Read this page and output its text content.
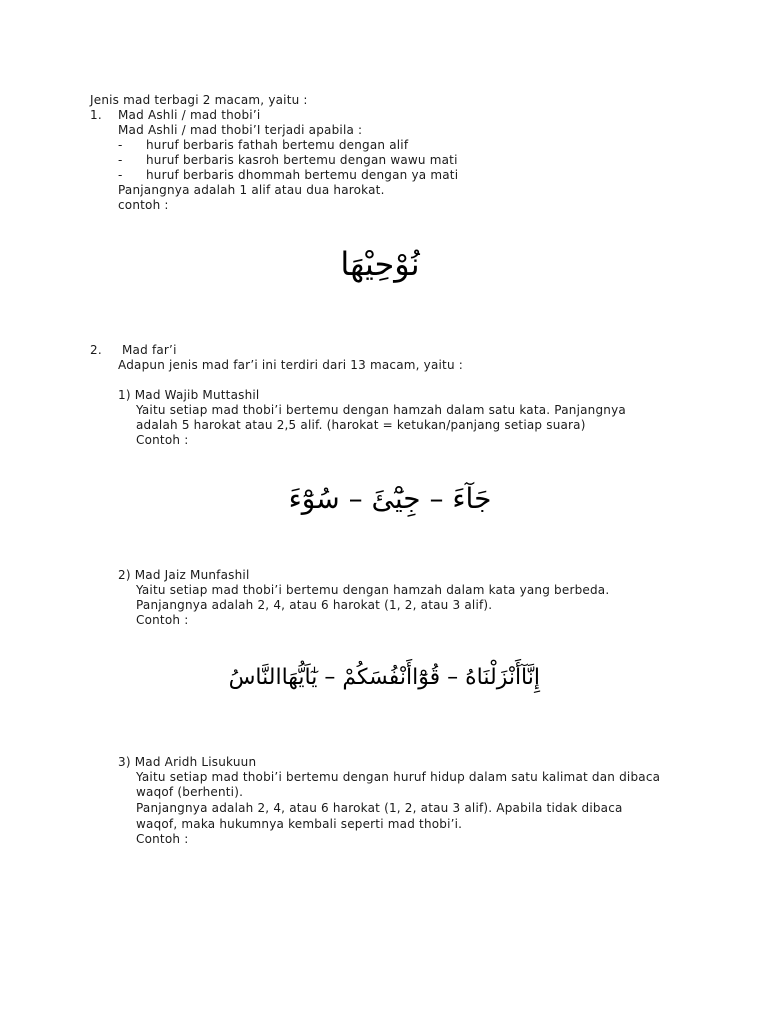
Jenis mad terbagi 2 macam, yaitu :
1. Mad Ashli / mad thobi’i
Mad Ashli / mad thobi’I terjadi apabila :
- huruf berbaris fathah bertemu dengan alif
- huruf berbaris kasroh bertemu dengan wawu mati
- huruf berbaris dhommah bertemu dengan ya mati
Panjangnya adalah 1 alif atau dua harokat.
contoh :
نُوْحِيْهَا
2. Mad far’i
Adapun jenis mad far’i ini terdiri dari 13 macam, yaitu :
1) Mad Wajib Muttashil
Yaitu setiap mad thobi’i bertemu dengan hamzah dalam satu kata. Panjangnya
adalah 5 harokat atau 2,5 alif. (harokat = ketukan/panjang setiap suara)
Contoh :
جَآءَ – جِيْٓئَ – سُوْٓءَ
2) Mad Jaiz Munfashil
Yaitu setiap mad thobi’i bertemu dengan hamzah dalam kata yang berbeda.
Panjangnya adalah 2, 4, atau 6 harokat (1, 2, atau 3 alif).
Contoh :
إِنَّآأَنْزَلْنَاهُ – قُوْٓاأَنْفُسَكُمْ – يٰٓاَيُّهَاالنَّاسُ
3) Mad Aridh Lisukuun
Yaitu setiap mad thobi’i bertemu dengan huruf hidup dalam satu kalimat dan dibaca
waqof (berhenti).
Panjangnya adalah 2, 4, atau 6 harokat (1, 2, atau 3 alif). Apabila tidak dibaca
waqof, maka hukumnya kembali seperti mad thobi’i.
Contoh :
